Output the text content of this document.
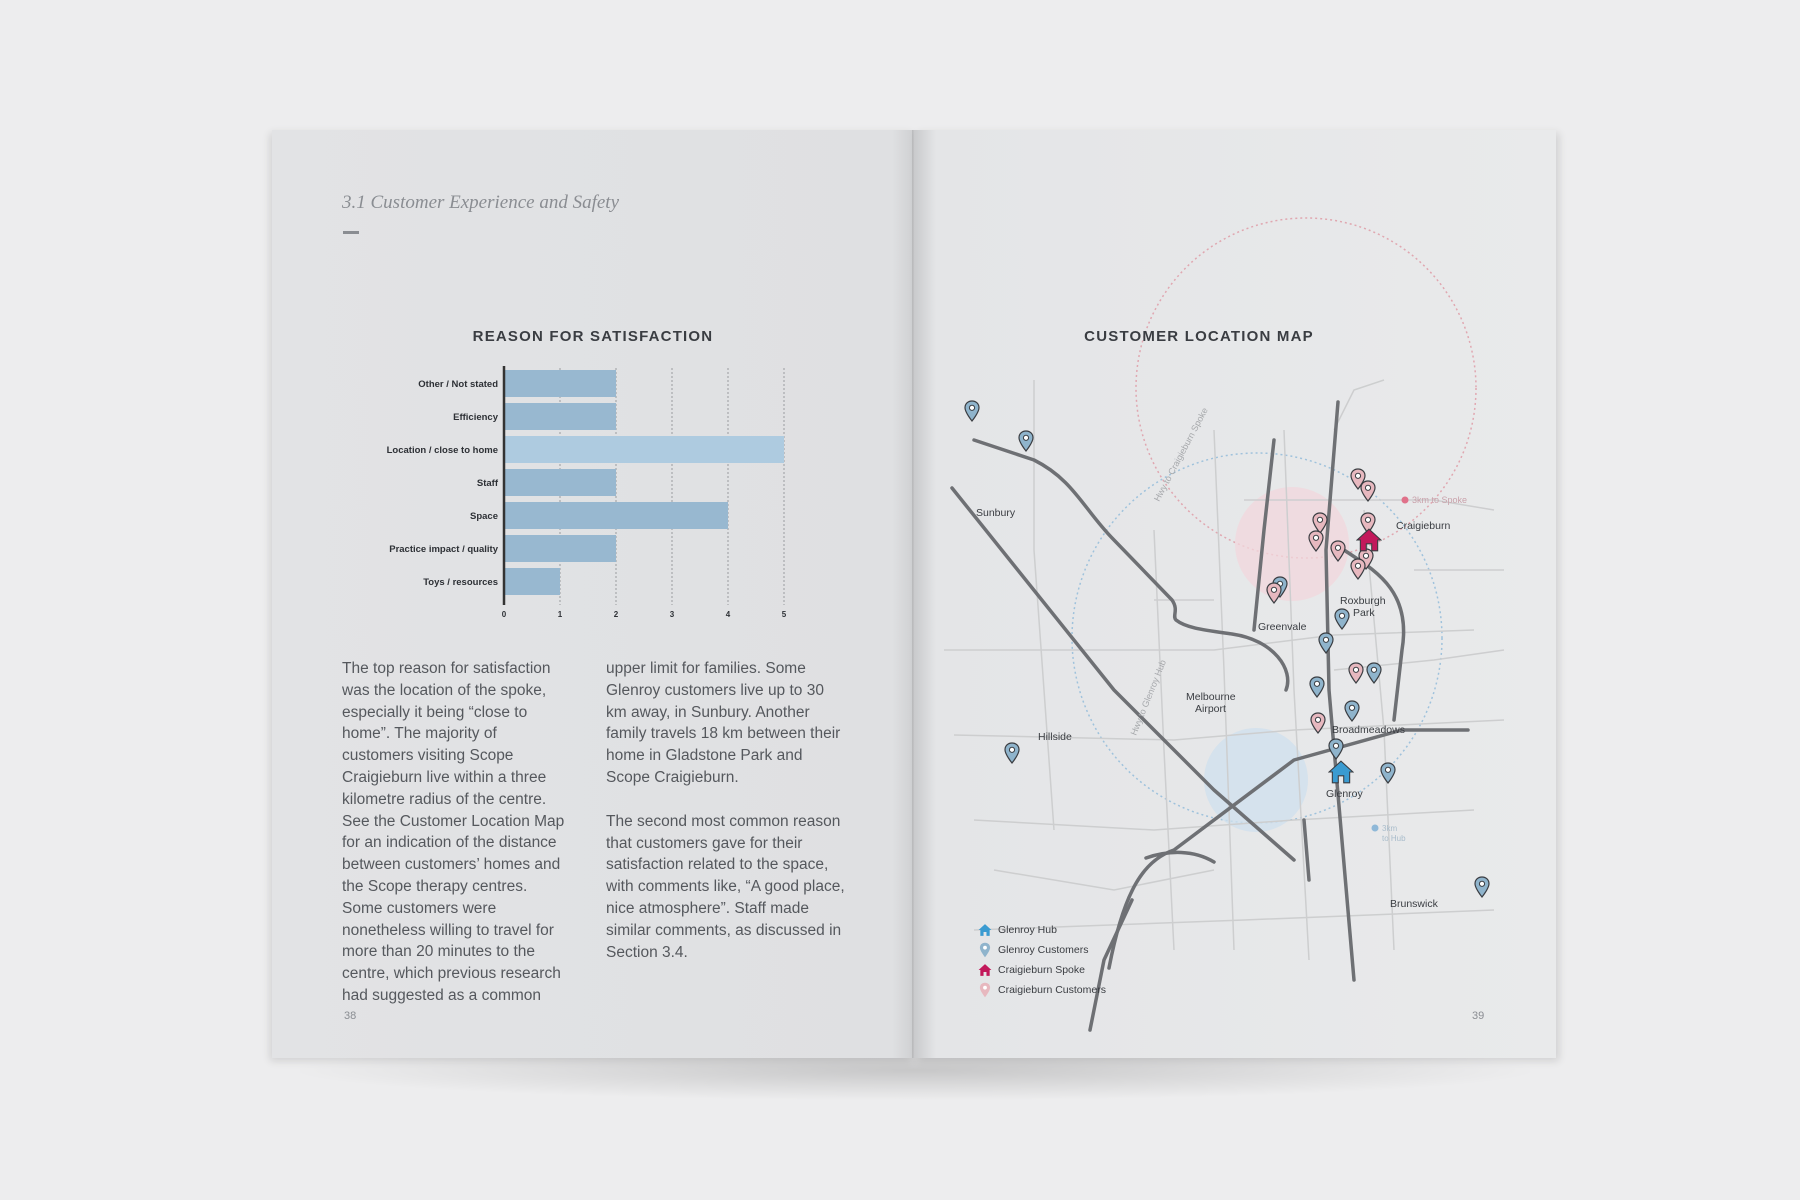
3.1 Customer Experience and Safety
REASON FOR SATISFACTION
Other / Not stated
Efficiency
Location / close to home
Staff
Space
Practice impact / quality
Toys / resources
0	1	2	3	4	5

The top reason for satisfaction was the location of the spoke, especially it being “close to home”. The majority of customers visiting Scope Craigieburn live within a three kilometre radius of the centre. See the Customer Location Map for an indication of the distance between customers’ homes and the Scope therapy centres. Some customers were nonetheless willing to travel for more than 20 minutes to the centre, which previous research had suggested as a common

upper limit for families. Some Glenroy customers live up to 30 km away, in Sunbury. Another family travels 18 km between their home in Gladstone Park and Scope Craigieburn.

The second most common reason that customers gave for their satisfaction related to the space, with comments like, “A good place, nice atmosphere”. Staff made similar comments, as discussed in Section 3.4.

38
Hwy to Craigieburn Spoke
Hwy to Glenroy Hub
3km to Spoke
3km
to Hub
Sunbury
Craigieburn
Roxburgh
Park
Greenvale
Melbourne
Airport
Broadmeadows
Hillside
Glenroy
Brunswick
CUSTOMER LOCATION MAP
Glenroy Hub
Glenroy Customers
Craigieburn Spoke
Craigieburn Customers
39
